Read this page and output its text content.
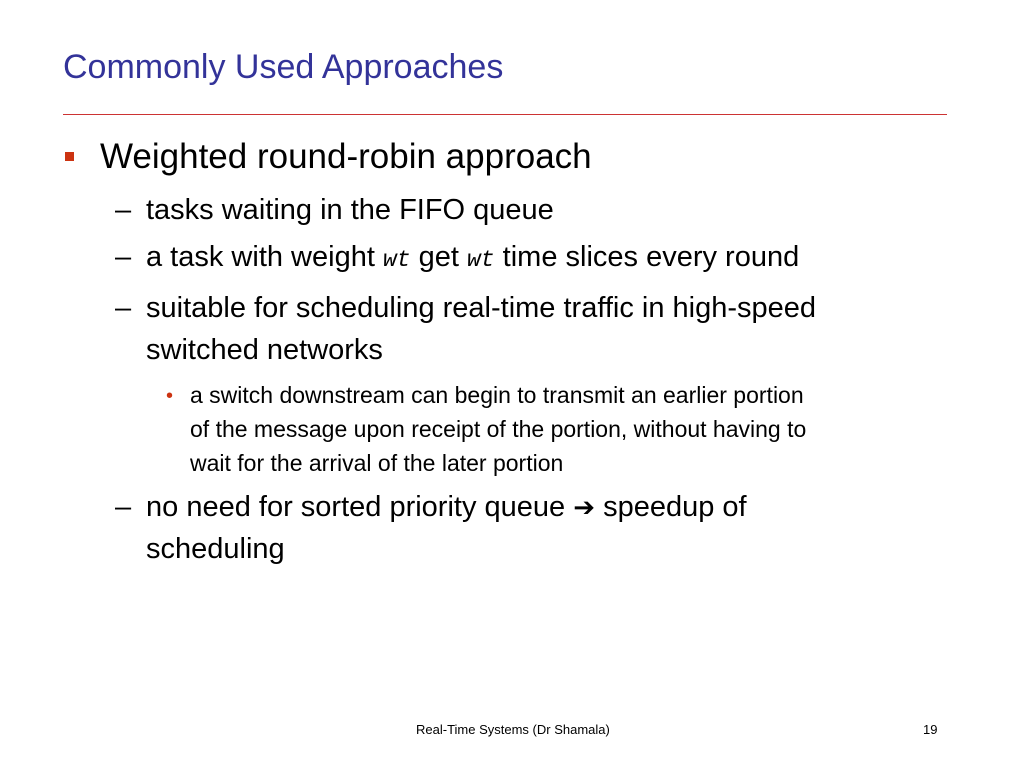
Commonly Used Approaches
Weighted round-robin approach
– tasks waiting in the FIFO queue
– a task with weight wt get wt time slices every round
– suitable for scheduling real-time traffic in high-speed
switched networks
• a switch downstream can begin to transmit an earlier portion
of the message upon receipt of the portion, without having to
wait for the arrival of the later portion
– no need for sorted priority queue ➔ speedup of
scheduling
Real-Time Systems (Dr Shamala)	19
